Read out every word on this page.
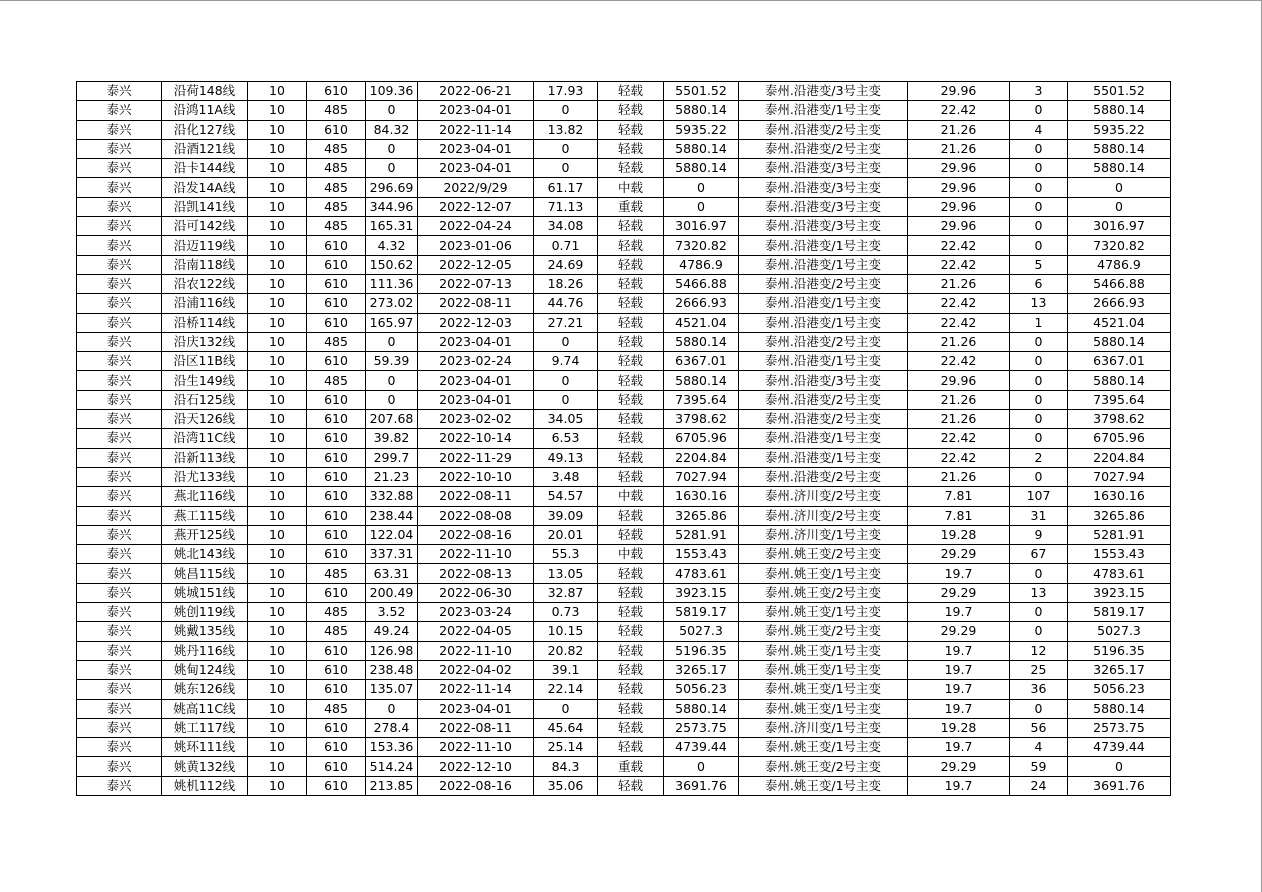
泰兴	沿荷148线	10	610	109.36	2022-06-21	17.93	轻载	5501.52	泰州.沿港变/3号主变	29.96	3	5501.52
泰兴	沿鸿11A线	10	485	0	2023-04-01	0	轻载	5880.14	泰州.沿港变/1号主变	22.42	0	5880.14
泰兴	沿化127线	10	610	84.32	2022-11-14	13.82	轻载	5935.22	泰州.沿港变/2号主变	21.26	4	5935.22
泰兴	沿酒121线	10	485	0	2023-04-01	0	轻载	5880.14	泰州.沿港变/2号主变	21.26	0	5880.14
泰兴	沿卡144线	10	485	0	2023-04-01	0	轻载	5880.14	泰州.沿港变/3号主变	29.96	0	5880.14
泰兴	沿发14A线	10	485	296.69	2022/9/29	61.17	中载	0	泰州.沿港变/3号主变	29.96	0	0
泰兴	沿凯141线	10	485	344.96	2022-12-07	71.13	重载	0	泰州.沿港变/3号主变	29.96	0	0
泰兴	沿可142线	10	485	165.31	2022-04-24	34.08	轻载	3016.97	泰州.沿港变/3号主变	29.96	0	3016.97
泰兴	沿迈119线	10	610	4.32	2023-01-06	0.71	轻载	7320.82	泰州.沿港变/1号主变	22.42	0	7320.82
泰兴	沿南118线	10	610	150.62	2022-12-05	24.69	轻载	4786.9	泰州.沿港变/1号主变	22.42	5	4786.9
泰兴	沿农122线	10	610	111.36	2022-07-13	18.26	轻载	5466.88	泰州.沿港变/2号主变	21.26	6	5466.88
泰兴	沿浦116线	10	610	273.02	2022-08-11	44.76	轻载	2666.93	泰州.沿港变/1号主变	22.42	13	2666.93
泰兴	沿桥114线	10	610	165.97	2022-12-03	27.21	轻载	4521.04	泰州.沿港变/1号主变	22.42	1	4521.04
泰兴	沿庆132线	10	485	0	2023-04-01	0	轻载	5880.14	泰州.沿港变/2号主变	21.26	0	5880.14
泰兴	沿区11B线	10	610	59.39	2023-02-24	9.74	轻载	6367.01	泰州.沿港变/1号主变	22.42	0	6367.01
泰兴	沿生149线	10	485	0	2023-04-01	0	轻载	5880.14	泰州.沿港变/3号主变	29.96	0	5880.14
泰兴	沿石125线	10	610	0	2023-04-01	0	轻载	7395.64	泰州.沿港变/2号主变	21.26	0	7395.64
泰兴	沿天126线	10	610	207.68	2023-02-02	34.05	轻载	3798.62	泰州.沿港变/2号主变	21.26	0	3798.62
泰兴	沿湾11C线	10	610	39.82	2022-10-14	6.53	轻载	6705.96	泰州.沿港变/1号主变	22.42	0	6705.96
泰兴	沿新113线	10	610	299.7	2022-11-29	49.13	轻载	2204.84	泰州.沿港变/1号主变	22.42	2	2204.84
泰兴	沿尤133线	10	610	21.23	2022-10-10	3.48	轻载	7027.94	泰州.沿港变/2号主变	21.26	0	7027.94
泰兴	燕北116线	10	610	332.88	2022-08-11	54.57	中载	1630.16	泰州.济川变/2号主变	7.81	107	1630.16
泰兴	燕工115线	10	610	238.44	2022-08-08	39.09	轻载	3265.86	泰州.济川变/2号主变	7.81	31	3265.86
泰兴	燕开125线	10	610	122.04	2022-08-16	20.01	轻载	5281.91	泰州.济川变/1号主变	19.28	9	5281.91
泰兴	姚北143线	10	610	337.31	2022-11-10	55.3	中载	1553.43	泰州.姚王变/2号主变	29.29	67	1553.43
泰兴	姚昌115线	10	485	63.31	2022-08-13	13.05	轻载	4783.61	泰州.姚王变/1号主变	19.7	0	4783.61
泰兴	姚城151线	10	610	200.49	2022-06-30	32.87	轻载	3923.15	泰州.姚王变/2号主变	29.29	13	3923.15
泰兴	姚创119线	10	485	3.52	2023-03-24	0.73	轻载	5819.17	泰州.姚王变/1号主变	19.7	0	5819.17
泰兴	姚戴135线	10	485	49.24	2022-04-05	10.15	轻载	5027.3	泰州.姚王变/2号主变	29.29	0	5027.3
泰兴	姚丹116线	10	610	126.98	2022-11-10	20.82	轻载	5196.35	泰州.姚王变/1号主变	19.7	12	5196.35
泰兴	姚甸124线	10	610	238.48	2022-04-02	39.1	轻载	3265.17	泰州.姚王变/1号主变	19.7	25	3265.17
泰兴	姚东126线	10	610	135.07	2022-11-14	22.14	轻载	5056.23	泰州.姚王变/1号主变	19.7	36	5056.23
泰兴	姚高11C线	10	485	0	2023-04-01	0	轻载	5880.14	泰州.姚王变/1号主变	19.7	0	5880.14
泰兴	姚工117线	10	610	278.4	2022-08-11	45.64	轻载	2573.75	泰州.济川变/1号主变	19.28	56	2573.75
泰兴	姚环111线	10	610	153.36	2022-11-10	25.14	轻载	4739.44	泰州.姚王变/1号主变	19.7	4	4739.44
泰兴	姚黄132线	10	610	514.24	2022-12-10	84.3	重载	0	泰州.姚王变/2号主变	29.29	59	0
泰兴	姚机112线	10	610	213.85	2022-08-16	35.06	轻载	3691.76	泰州.姚王变/1号主变	19.7	24	3691.76
